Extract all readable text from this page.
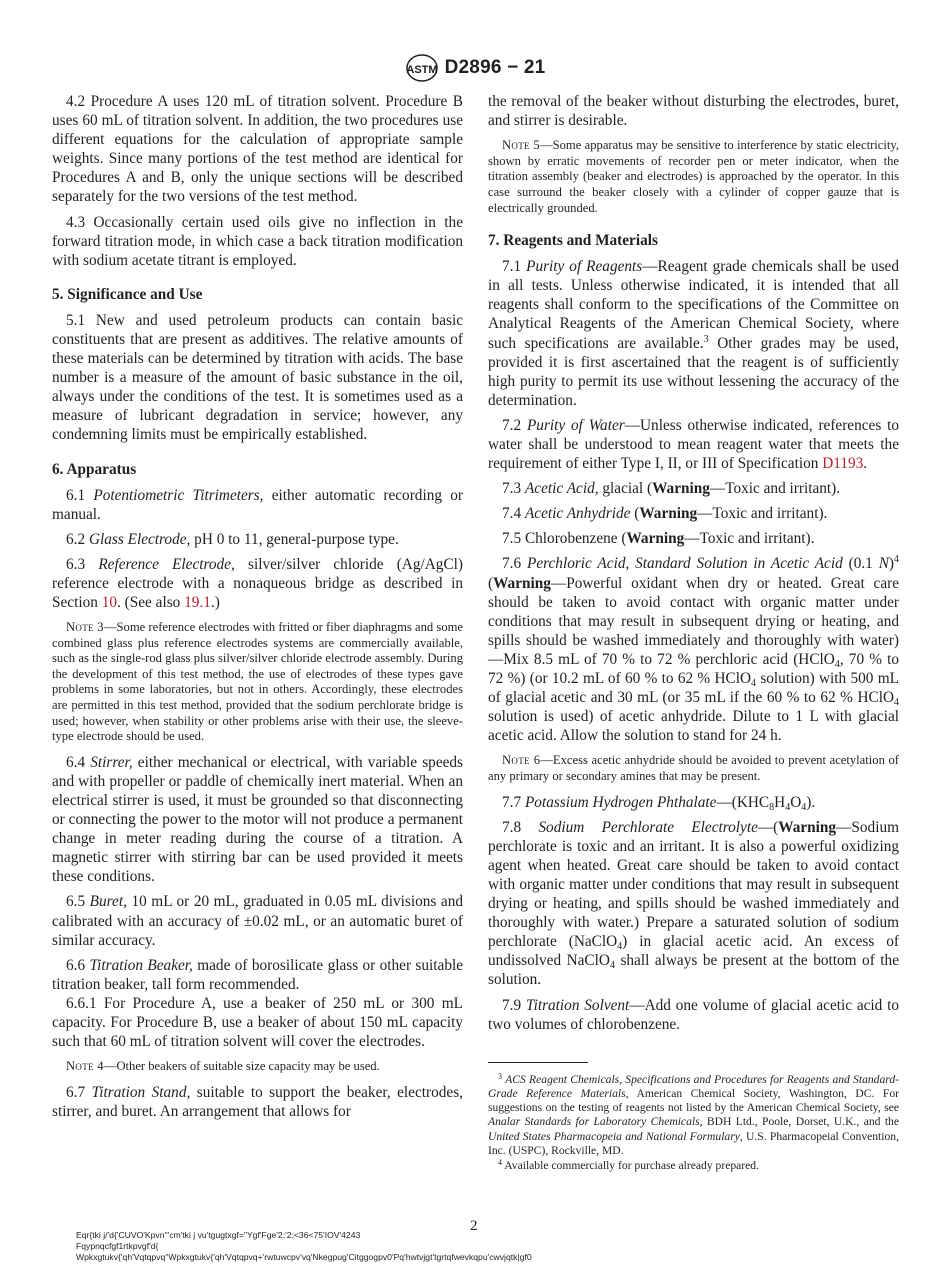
ASTM D2896 − 21

4.2 Procedure A uses 120 mL of titration solvent. Procedure B uses 60 mL of titration solvent. In addition, the two procedures use different equations for the calculation of appropriate sample weights. Since many portions of the test method are identical for Procedures A and B, only the unique sections will be described separately for the two versions of the test method.

4.3 Occasionally certain used oils give no inflection in the forward titration mode, in which case a back titration modification with sodium acetate titrant is employed.

5. Significance and Use

5.1 New and used petroleum products can contain basic constituents that are present as additives. The relative amounts of these materials can be determined by titration with acids. The base number is a measure of the amount of basic substance in the oil, always under the conditions of the test. It is sometimes used as a measure of lubricant degradation in service; however, any condemning limits must be empirically established.

6. Apparatus

6.1 Potentiometric Titrimeters, either automatic recording or manual.

6.2 Glass Electrode, pH 0 to 11, general-purpose type.

6.3 Reference Electrode, silver/silver chloride (Ag/AgCl) reference electrode with a nonaqueous bridge as described in Section 10. (See also 19.1.)

Note 3—Some reference electrodes with fritted or fiber diaphragms and some combined glass plus reference electrodes systems are commercially available, such as the single-rod glass plus silver/silver chloride electrode assembly. During the development of this test method, the use of electrodes of these types gave problems in some laboratories, but not in others. Accordingly, these electrodes are permitted in this test method, provided that the sodium perchlorate bridge is used; however, when stability or other problems arise with their use, the sleeve-type electrode should be used.

6.4 Stirrer, either mechanical or electrical, with variable speeds and with propeller or paddle of chemically inert material. When an electrical stirrer is used, it must be grounded so that disconnecting or connecting the power to the motor will not produce a permanent change in meter reading during the course of a titration. A magnetic stirrer with stirring bar can be used provided it meets these conditions.

6.5 Buret, 10 mL or 20 mL, graduated in 0.05 mL divisions and calibrated with an accuracy of ±0.02 mL, or an automatic buret of similar accuracy.

6.6 Titration Beaker, made of borosilicate glass or other suitable titration beaker, tall form recommended.

6.6.1 For Procedure A, use a beaker of 250 mL or 300 mL capacity. For Procedure B, use a beaker of about 150 mL capacity such that 60 mL of titration solvent will cover the electrodes.

Note 4—Other beakers of suitable size capacity may be used.

6.7 Titration Stand, suitable to support the beaker, electrodes, stirrer, and buret. An arrangement that allows for

the removal of the beaker without disturbing the electrodes, buret, and stirrer is desirable.

Note 5—Some apparatus may be sensitive to interference by static electricity, shown by erratic movements of recorder pen or meter indicator, when the titration assembly (beaker and electrodes) is approached by the operator. In this case surround the beaker closely with a cylinder of copper gauze that is electrically grounded.
7. Reagents and Materials

7.1 Purity of Reagents—Reagent grade chemicals shall be used in all tests. Unless otherwise indicated, it is intended that all reagents shall conform to the specifications of the Committee on Analytical Reagents of the American Chemical Society, where such specifications are available.$^3$ Other grades may be used, provided it is first ascertained that the reagent is of sufficiently high purity to permit its use without lessening the accuracy of the determination.

7.2 Purity of Water—Unless otherwise indicated, references to water shall be understood to mean reagent water that meets the requirement of either Type I, II, or III of Specification D1193.

7.3 Acetic Acid, glacial (Warning—Toxic and irritant).

7.4 Acetic Anhydride (Warning—Toxic and irritant).

7.5 Chlorobenzene (Warning—Toxic and irritant).

7.6 Perchloric Acid, Standard Solution in Acetic Acid (0.1 N)$^4$ (Warning—Powerful oxidant when dry or heated. Great care should be taken to avoid contact with organic matter under conditions that may result in subsequent drying or heating, and spills should be washed immediately and thoroughly with water)—Mix 8.5 mL of 70 % to 72 % perchloric acid (HClO$_4$, 70 % to 72 %) (or 10.2 mL of 60 % to 62 % HClO$_4$ solution) with 500 mL of glacial acetic and 30 mL (or 35 mL if the 60 % to 62 % HClO$_4$ solution is used) of acetic anhydride. Dilute to 1 L with glacial acetic acid. Allow the solution to stand for 24 h.

Note 6—Excess acetic anhydride should be avoided to prevent acetylation of any primary or secondary amines that may be present.

7.7 Potassium Hydrogen $Phthalate—(KHC_8H_4O_4)$.

7.8 Sodium Perchlorate Electrolyte—(Warning—Sodium perchlorate is toxic and an irritant. It is also a powerful oxidizing agent when heated. Great care should be taken to avoid contact with organic matter under conditions that may result in subsequent drying or heating, and spills should be washed immediately and thoroughly with water.) Prepare a saturated solution of sodium perchlorate (NaClO$_4$) in glacial acetic acid. An excess of undissolved NaClO$_4$ shall always be present at the bottom of the solution.

7.9 Titration Solvent—Add one volume of glacial acetic acid to two volumes of chlorobenzene.

$^3$ ACS Reagent Chemicals, Specifications and Procedures for Reagents and Standard-Grade Reference Materials, American Chemical Society, Washington, DC. For suggestions on the testing of reagents not listed by the American Chemical Society, see Analar Standards for Laboratory Chemicals, BDH Ltd., Poole, Dorset, U.K., and the United States Pharmacopeia and National Formulary, U.S. Pharmacopeial Convention, Inc. (USPC), Rockville, MD.
$^4$ Available commercially for purchase already prepared.
2
Eqr{tki j/'d{'CUVO'Kpvn'"cm'tki j vu'tgugtxgf="Ygf'Fge'2:'2:<36<75'IOV'4243
Fqypnqcfgf1rtkpvgf'd{
Wpkxgtukv{'qh'Vqtqpvq"Wpkxgtukv{'qh'Vqtqpvq+'rwtuwcpv'vq'Nkegpug'Citggogpv0'Pq'hwtvjgt'tgrtqfwevkqpu'cwvjqtk|gf0
